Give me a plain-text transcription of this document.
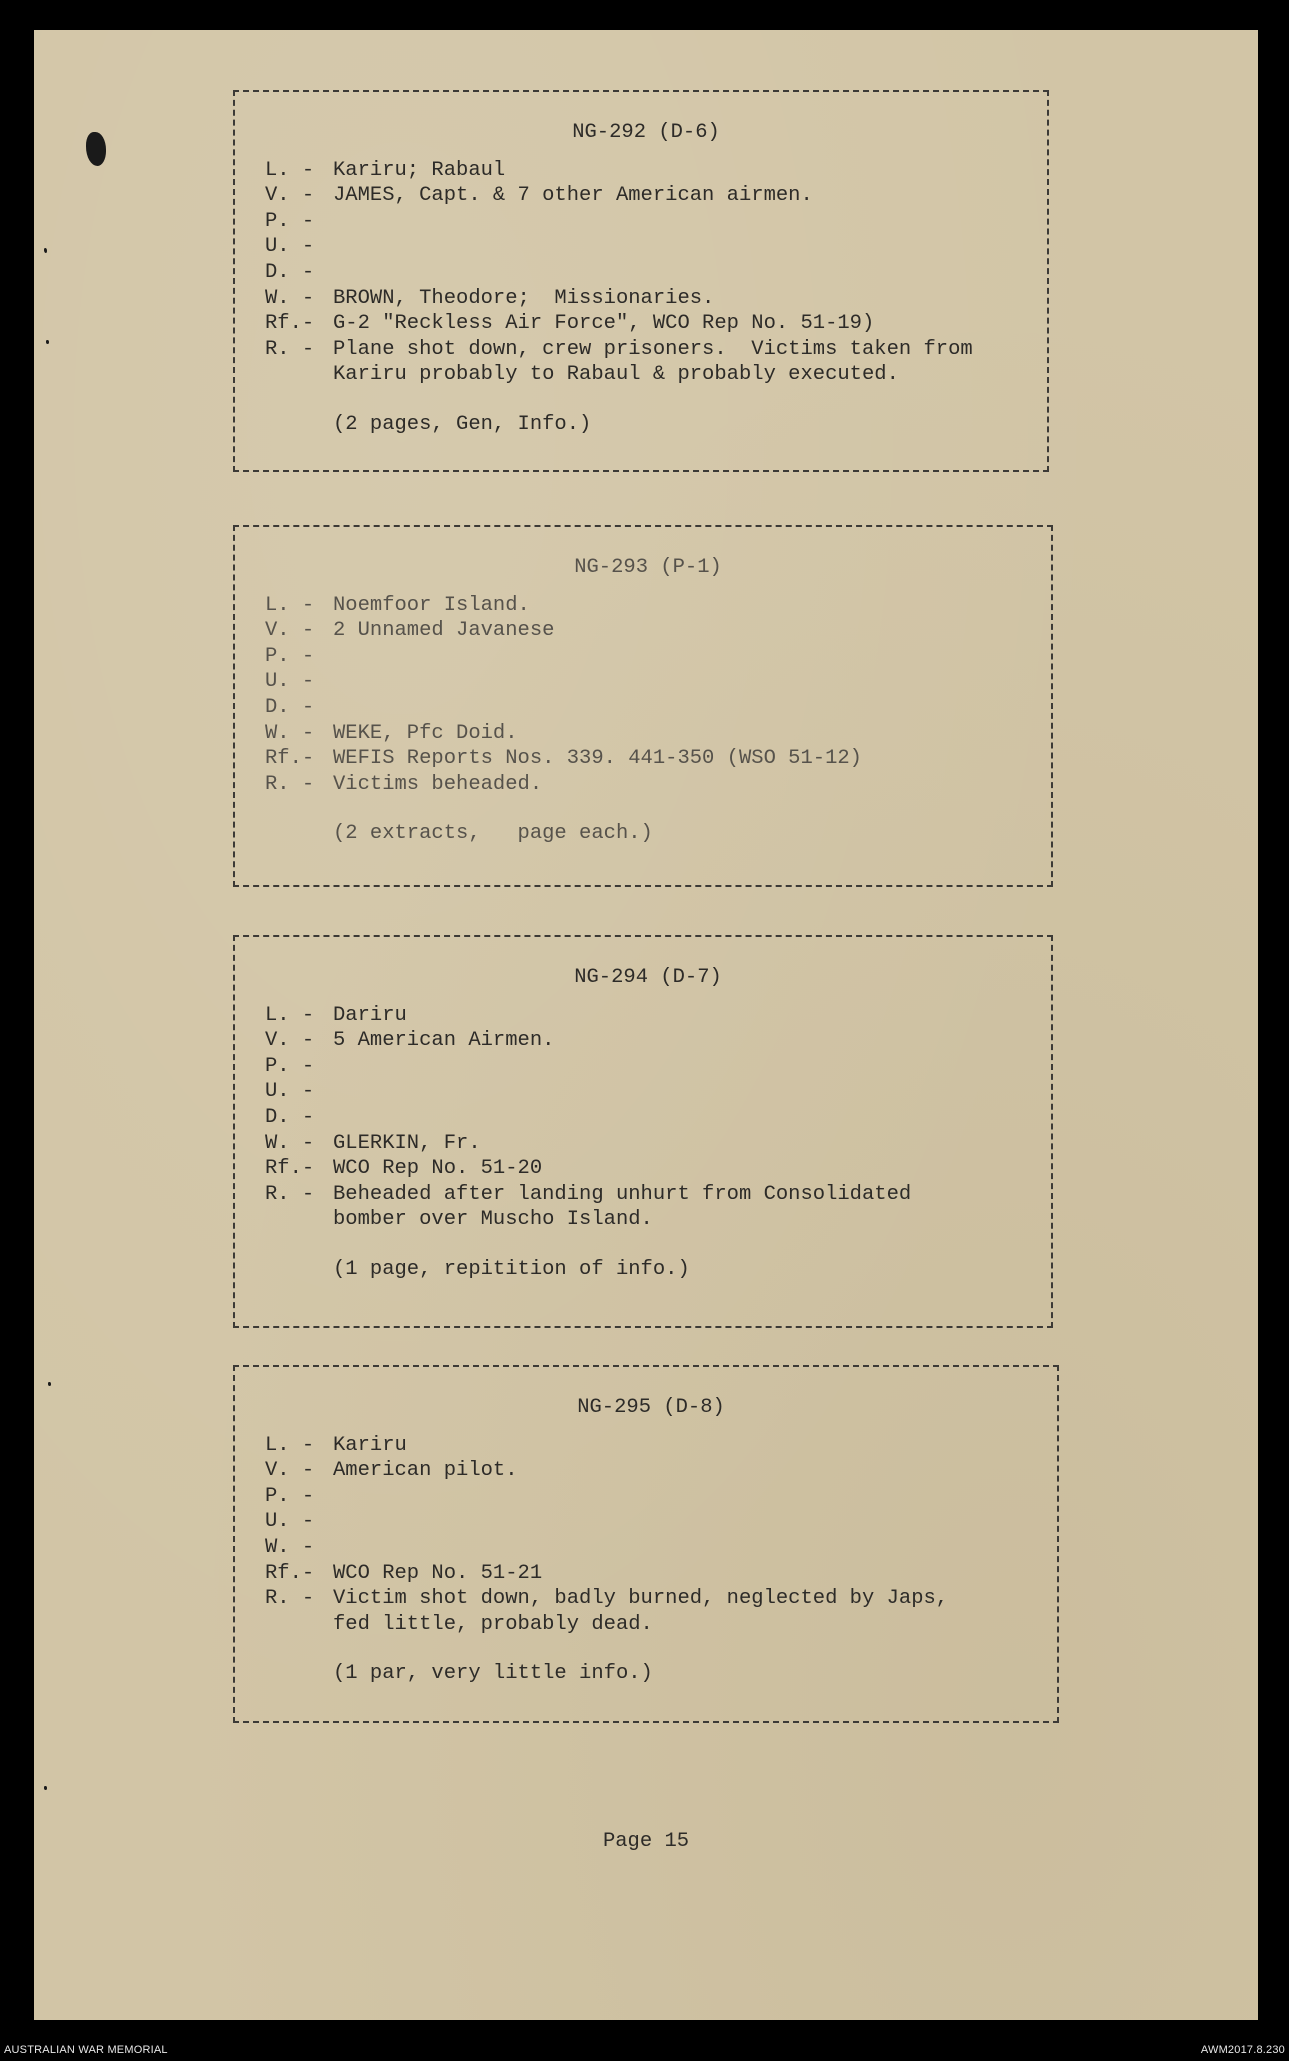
NG-292 (D-6)
L. - Kariru; Rabaul
V. - JAMES, Capt. & 7 other American airmen.
P. -
U. -
D. -
W. - BROWN, Theodore;  Missionaries.
Rf.- G-2 "Reckless Air Force", WCO Rep No. 51-19)
R. - Plane shot down, crew prisoners.  Victims taken from
Kariru probably to Rabaul & probably executed.
(2 pages, Gen, Info.)
NG-293 (P-1)
L. - Noemfoor Island.
V. - 2 Unnamed Javanese
P. -
U. -
D. -
W. - WEKE, Pfc Doid.
Rf.- WEFIS Reports Nos. 339. 441-350 (WSO 51-12)
R. - Victims beheaded.
(2 extracts,   page each.)
NG-294 (D-7)
L. - Dariru
V. - 5 American Airmen.
P. -
U. -
D. -
W. - GLERKIN, Fr.
Rf.- WCO Rep No. 51-20
R. - Beheaded after landing unhurt from Consolidated
bomber over Muscho Island.
(1 page, repitition of info.)
NG-295 (D-8)
L. - Kariru
V. - American pilot.
P. -
U. -
W. -
Rf.- WCO Rep No. 51-21
R. - Victim shot down, badly burned, neglected by Japs,
fed little, probably dead.
(1 par, very little info.)
Page 15
AUSTRALIAN WAR MEMORIAL	AWM2017.8.230
